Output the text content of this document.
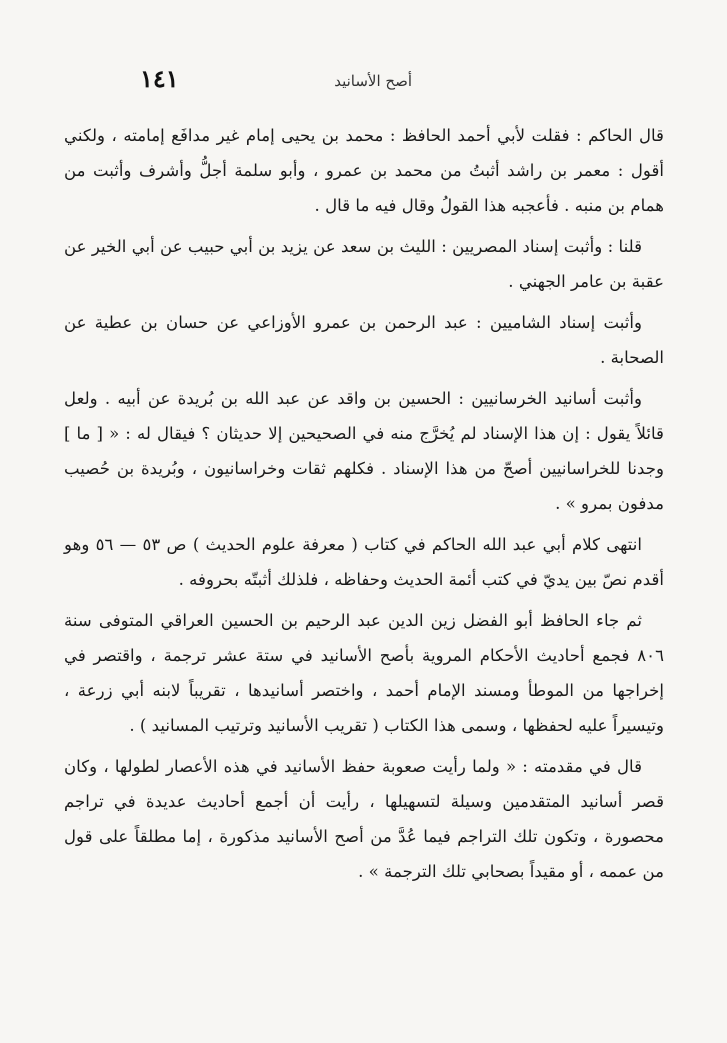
أصح الأسانيد
١٤١

قال الحاكم : فقلت لأبي أحمد الحافظ : محمد بن يحيى إمام غير مدافَع إمامته ، ولكني أقول : معمر بن راشد أثبتُ من محمد بن عمرو ، وأبو سلمة أجلُّ وأشرف وأثبت من همام بن منبه . فأعجبه هذا القولُ وقال فيه ما قال .

قلنا : وأثبت إسناد المصريين : الليث بن سعد عن يزيد بن أبي حبيب عن أبي الخير عن عقبة بن عامر الجهني .

وأثبت إسناد الشاميين : عبد الرحمن بن عمرو الأوزاعي عن حسان بن عطية عن الصحابة .

وأثبت أسانيد الخرسانيين : الحسين بن واقد عن عبد الله بن بُريدة عن أبيه . ولعل قائلاً يقول : إن هذا الإسناد لم يُخرَّج منه في الصحيحين إلا حديثان ؟ فيقال له : « [ ما ] وجدنا للخراسانيين أصحّ من هذا الإسناد . فكلهم ثقات وخراسانيون ، وبُريدة بن حُصيب مدفون بمرو » .

انتهى كلام أبي عبد الله الحاكم في كتاب ( معرفة علوم الحديث ) ص ٥٣ — ٥٦ وهو أقدم نصّ بين يديّ في كتب أئمة الحديث وحفاظه ، فلذلك أثبتّه بحروفه .

ثم جاء الحافظ أبو الفضل زين الدين عبد الرحيم بن الحسين العراقي المتوفى سنة ٨٠٦ فجمع أحاديث الأحكام المروية بأصح الأسانيد في ستة عشر ترجمة ، واقتصر في إخراجها من الموطأ ومسند الإمام أحمد ، واختصر أسانيدها ، تقريباً لابنه أبي زرعة ، وتيسيراً عليه لحفظها ، وسمى هذا الكتاب ( تقريب الأسانيد وترتيب المسانيد ) .

قال في مقدمته : « ولما رأيت صعوبة حفظ الأسانيد في هذه الأعصار لطولها ، وكان قصر أسانيد المتقدمين وسيلة لتسهيلها ، رأيت أن أجمع أحاديث عديدة في تراجم محصورة ، وتكون تلك التراجم فيما عُدَّ من أصح الأسانيد مذكورة ، إما مطلقاً على قول من عممه ، أو مقيداً بصحابي تلك الترجمة » .
